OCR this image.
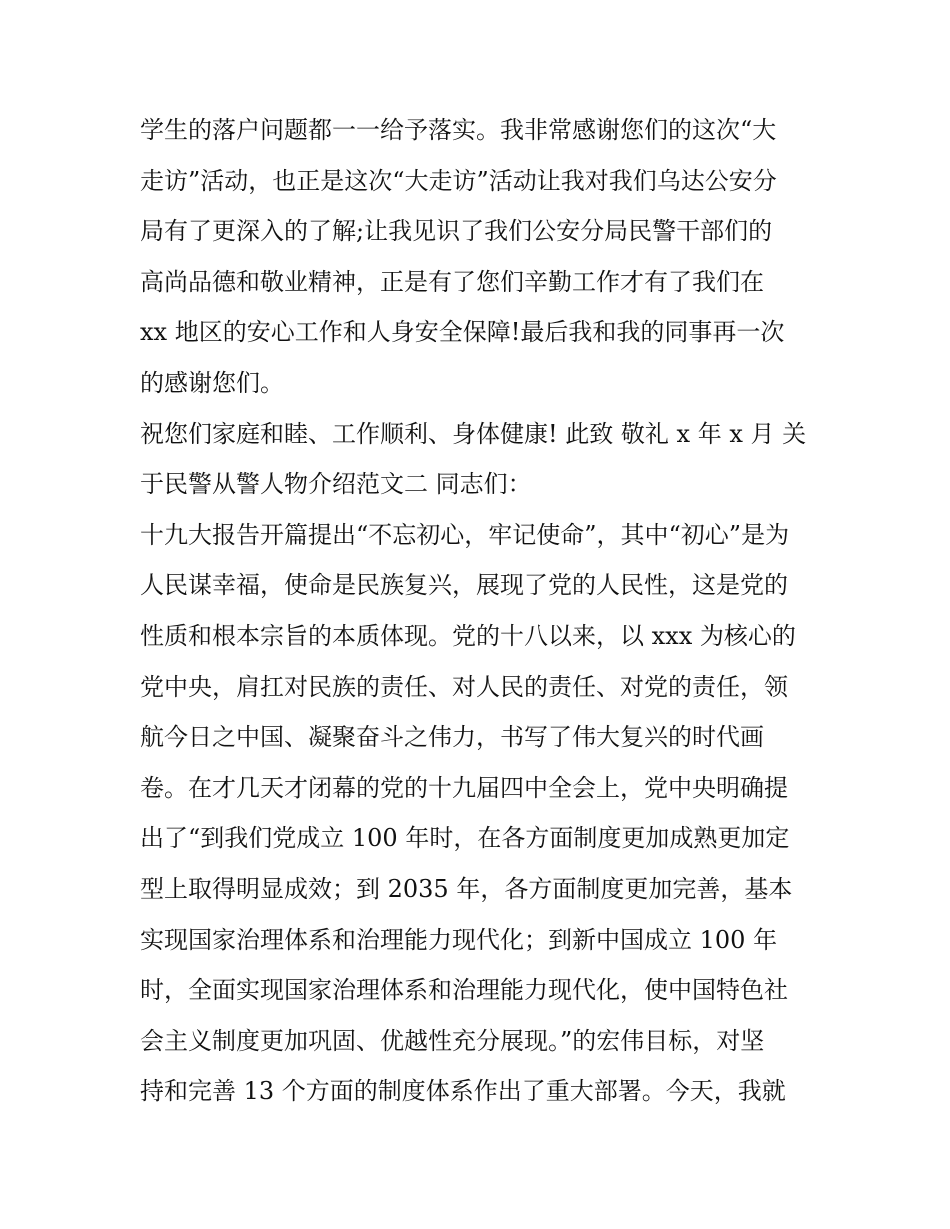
学生的落户问题都一一给予落实。我非常感谢您们的这次“大
走访”活动，也正是这次“大走访”活动让我对我们乌达公安分
局有了更深入的了解;让我见识了我们公安分局民警干部们的
高尚品德和敬业精神，正是有了您们辛勤工作才有了我们在
xx 地区的安心工作和人身安全保障!最后我和我的同事再一次
的感谢您们。
祝您们家庭和睦、工作顺利、身体健康! 此致 敬礼 x 年 x 月 关
于民警从警人物介绍范文二 同志们：
十九大报告开篇提出“不忘初心，牢记使命”，其中“初心”是为
人民谋幸福，使命是民族复兴，展现了党的人民性，这是党的
性质和根本宗旨的本质体现。党的十八以来，以 xxx 为核心的
党中央，肩扛对民族的责任、对人民的责任、对党的责任，领
航今日之中国、凝聚奋斗之伟力，书写了伟大复兴的时代画
卷。在才几天才闭幕的党的十九届四中全会上，党中央明确提
出了“到我们党成立 100 年时，在各方面制度更加成熟更加定
型上取得明显成效；到 2035 年，各方面制度更加完善，基本
实现国家治理体系和治理能力现代化；到新中国成立 100 年
时，全面实现国家治理体系和治理能力现代化，使中国特色社
会主义制度更加巩固、优越性充分展现。”的宏伟目标，对坚
持和完善 13 个方面的制度体系作出了重大部署。今天，我就
